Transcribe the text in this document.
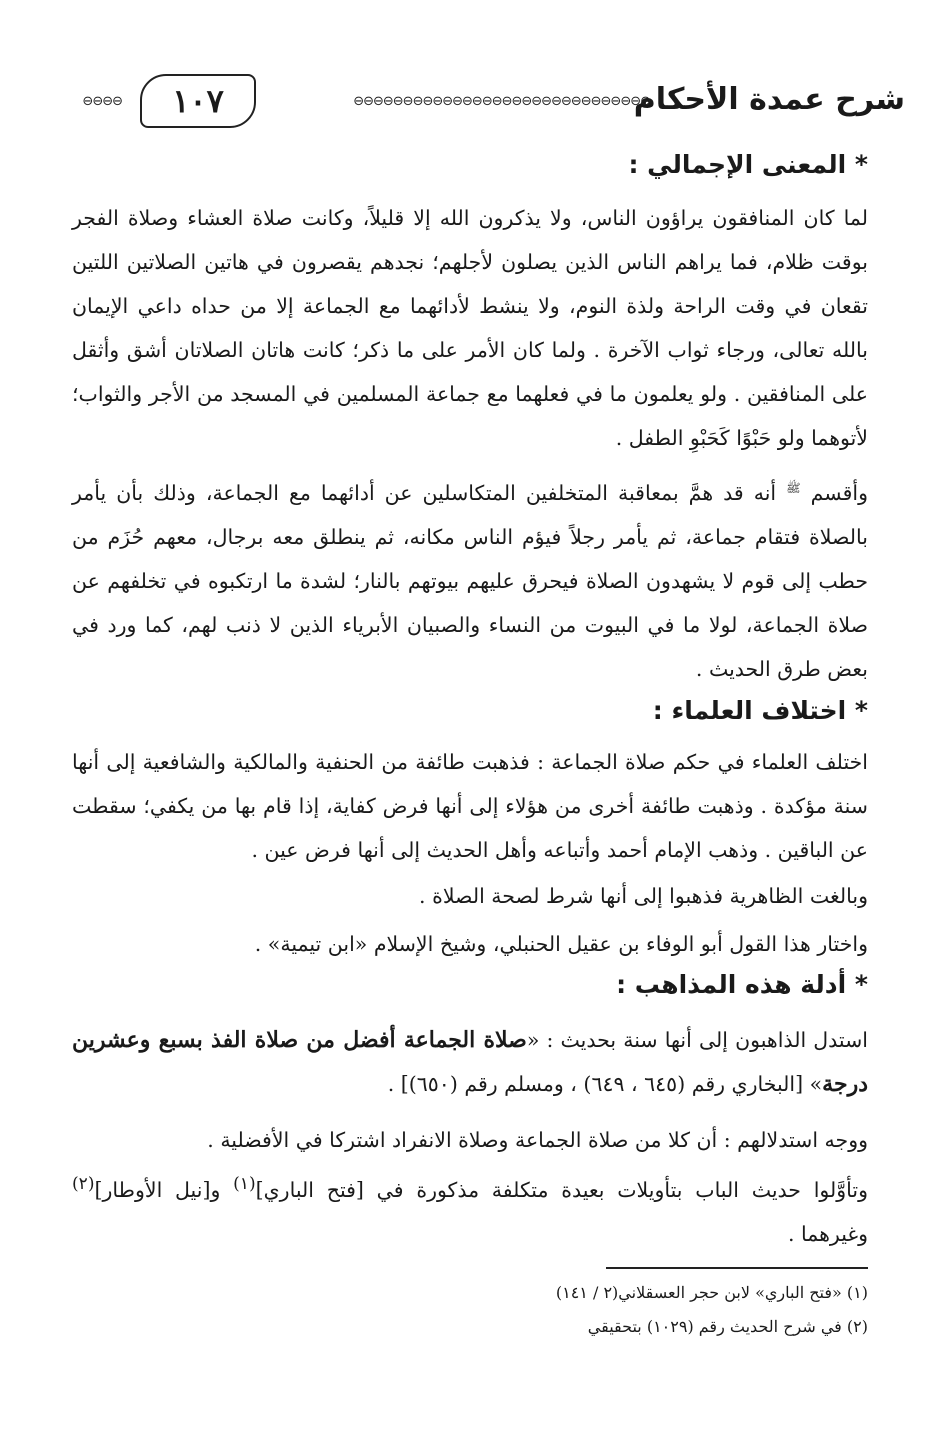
شرح عمدة الأحكام
⊖⊖⊖⊖⊖⊖⊖⊖⊖⊖⊖⊖⊖⊖⊖⊖⊖⊖⊖⊖⊖⊖⊖⊖⊖⊖⊖⊖⊖⊖
١٠٧
⊖⊖⊖⊖
* المعنى الإجمالي :

لما كان المنافقون يراؤون الناس، ولا يذكرون الله إلا قليلاً، وكانت صلاة العشاء وصلاة الفجر بوقت ظلام، فما يراهم الناس الذين يصلون لأجلهم؛ نجدهم يقصرون في هاتين الصلاتين اللتين تقعان في وقت الراحة ولذة النوم، ولا ينشط لأدائهما مع الجماعة إلا من حداه داعي الإيمان بالله تعالى، ورجاء ثواب الآخرة . ولما كان الأمر على ما ذكر؛ كانت هاتان الصلاتان أشق وأثقل على المنافقين . ولو يعلمون ما في فعلهما مع جماعة المسلمين في المسجد من الأجر والثواب؛ لأتوهما ولو حَبْوًا كَحَبْوِ الطفل .

وأقسم $^ﷺ$ أنه قد همَّ بمعاقبة المتخلفين المتكاسلين عن أدائهما مع الجماعة، وذلك بأن يأمر بالصلاة فتقام جماعة، ثم يأمر رجلاً فيؤم الناس مكانه، ثم ينطلق معه برجال، معهم حُزَم من حطب إلى قوم لا يشهدون الصلاة فيحرق عليهم بيوتهم بالنار؛ لشدة ما ارتكبوه في تخلفهم عن صلاة الجماعة، لولا ما في البيوت من النساء والصبيان الأبرياء الذين لا ذنب لهم، كما ورد في بعض طرق الحديث .

* اختلاف العلماء :

اختلف العلماء في حكم صلاة الجماعة : فذهبت طائفة من الحنفية والمالكية والشافعية إلى أنها سنة مؤكدة . وذهبت طائفة أخرى من هؤلاء إلى أنها فرض كفاية، إذا قام بها من يكفي؛ سقطت عن الباقين . وذهب الإمام أحمد وأتباعه وأهل الحديث إلى أنها فرض عين .

وبالغت الظاهرية فذهبوا إلى أنها شرط لصحة الصلاة .

واختار هذا القول أبو الوفاء بن عقيل الحنبلي، وشيخ الإسلام «ابن تيمية» .

* أدلة هذه المذاهب :

استدل الذاهبون إلى أنها سنة بحديث : «صلاة الجماعة أفضل من صلاة الفذ بسبع وعشرين درجة» [البخاري رقم (٦٤٥ ، ٦٤٩) ، ومسلم رقم (٦٥٠)] .

ووجه استدلالهم : أن كلا من صلاة الجماعة وصلاة الانفراد اشتركا في الأفضلية .

وتأوَّلوا حديث الباب بتأويلات بعيدة متكلفة مذكورة في [فتح الباري]$^{(١)}$ و[نيل الأوطار]$^{(٢)}$ وغيرهما .

(١) «فتح الباري» لابن حجر العسقلاني(٢ / ١٤١)

(٢) في شرح الحديث رقم (١٠٢٩) بتحقيقي
